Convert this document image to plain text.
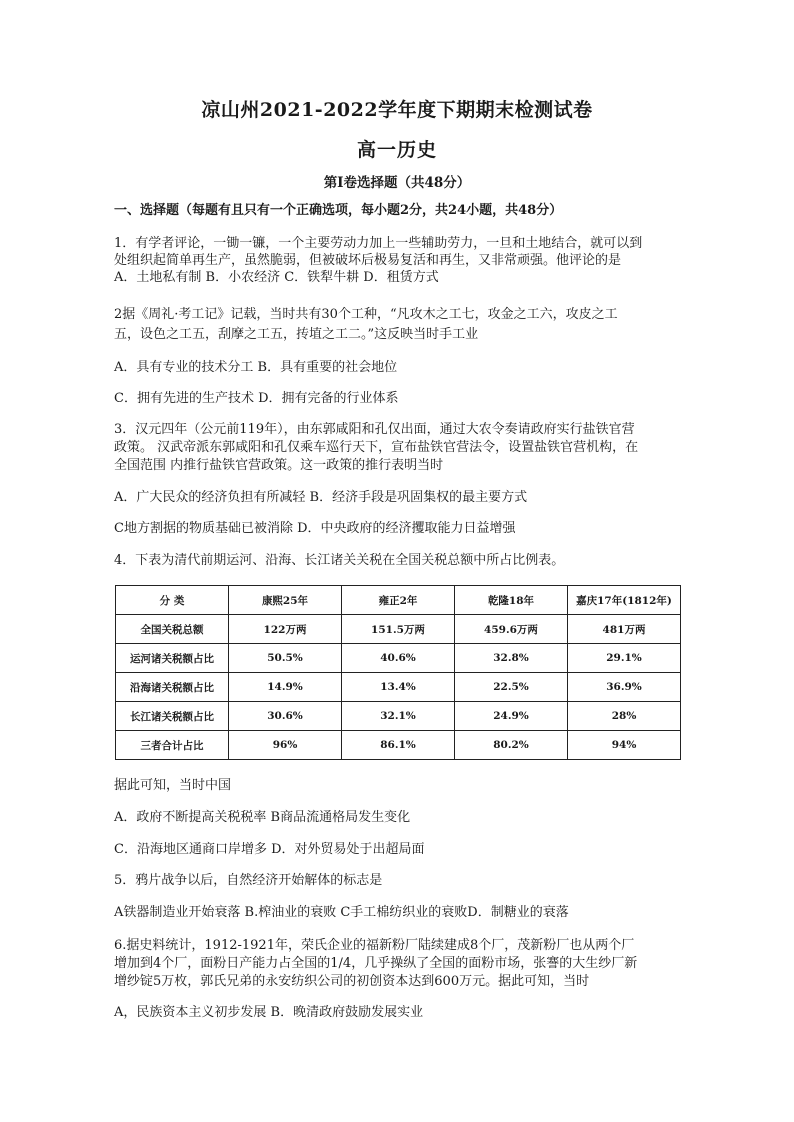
凉山州2021-2022学年度下期期末检测试卷
高一历史
第Ⅰ卷选择题（共48分）
一、选择题（每题有且只有一个正确选项，每小题2分，共24小题，共48分）
1．有学者评论，一锄一镰，一个主要劳动力加上一些辅助劳力，一旦和土地结合，就可以到
处组织起简单再生产，虽然脆弱，但被破坏后极易复活和再生，又非常顽强。他评论的是
A．土地私有制 B．小农经济 C．铁犁牛耕 D．租赁方式
2据《周礼·考工记》记载，当时共有30个工种，“凡攻木之工七，攻金之工六，攻皮之工
五，设色之工五，刮摩之工五，抟埴之工二。”这反映当时手工业
A．具有专业的技术分工 B．具有重要的社会地位
C．拥有先进的生产技术 D．拥有完备的行业体系
3．汉元四年（公元前119年），由东郭咸阳和孔仅出面，通过大农令奏请政府实行盐铁官营
政策。 汉武帝派东郭咸阳和孔仅乘车巡行天下，宣布盐铁官营法令，设置盐铁官营机构，在
全国范围 内推行盐铁官营政策。这一政策的推行表明当时
A．广大民众的经济负担有所减轻 B．经济手段是巩固集权的最主要方式
C地方割据的物质基础已被消除 D．中央政府的经济攫取能力日益增强
4．下表为清代前期运河、沿海、长江诸关关税在全国关税总额中所占比例表。
分 类	康熙25年	雍正2年	乾隆18年	嘉庆17年(1812年)
全国关税总额	122万两	151.5万两	459.6万两	481万两
运河诸关税额占比	50.5%	40.6%	32.8%	29.1%
沿海诸关税额占比	14.9%	13.4%	22.5%	36.9%
长江诸关税额占比	30.6%	32.1%	24.9%	28%
三者合计占比	96%	86.1%	80.2%	94%
据此可知，当时中国
A．政府不断提高关税税率 B商品流通格局发生变化
C．沿海地区通商口岸增多 D．对外贸易处于出超局面
5．鸦片战争以后，自然经济开始解体的标志是
A铁器制造业开始衰落 B.榨油业的衰败 C手工棉纺织业的衰败D．制糖业的衰落
6.据史料统计，1912-1921年，荣氏企业的福新粉厂陆续建成8个厂，茂新粉厂也从两个厂
增加到4个厂，面粉日产能力占全国的1/4，几乎操纵了全国的面粉市场，张謇的大生纱厂新
增纱锭5万枚，郭氏兄弟的永安纺织公司的初创资本达到600万元。据此可知，当时
A，民族资本主义初步发展 B．晚清政府鼓励发展实业
